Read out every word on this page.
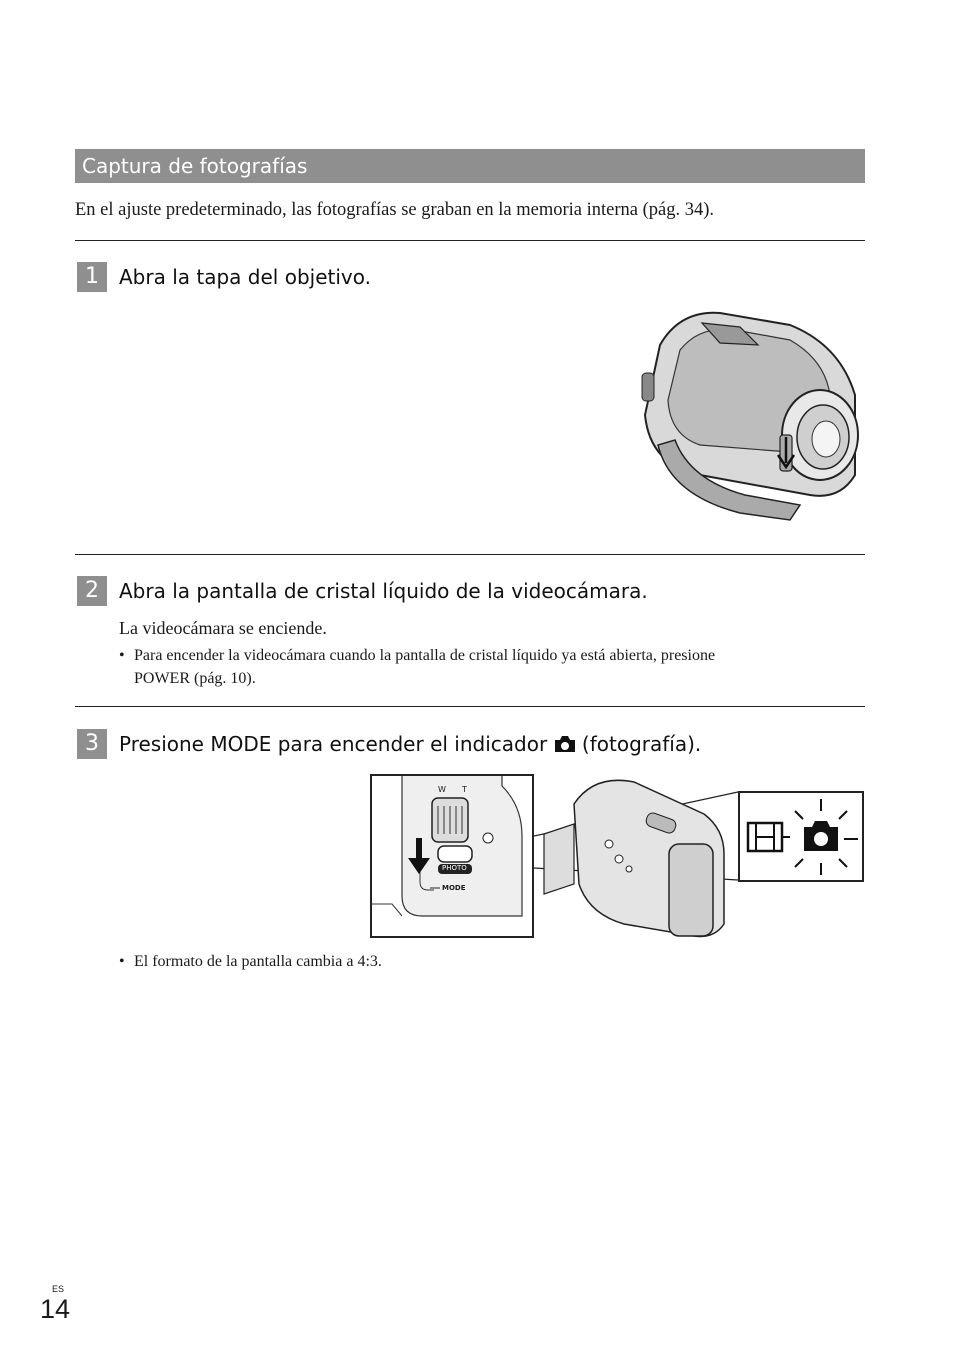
Captura de fotografías
En el ajuste predeterminado, las fotografías se graban en la memoria interna (pág. 34).
1	Abra la tapa del objetivo.
2	Abra la pantalla de cristal líquido de la videocámara.
La videocámara se enciende.
• Para encender la videocámara cuando la pantalla de cristal líquido ya está abierta, presione
POWER (pág. 10).
3	Presione MODE para encender el indicador (fotografía).
W T
PHOTO
MODE
• El formato de la pantalla cambia a 4:3.
ES
14
